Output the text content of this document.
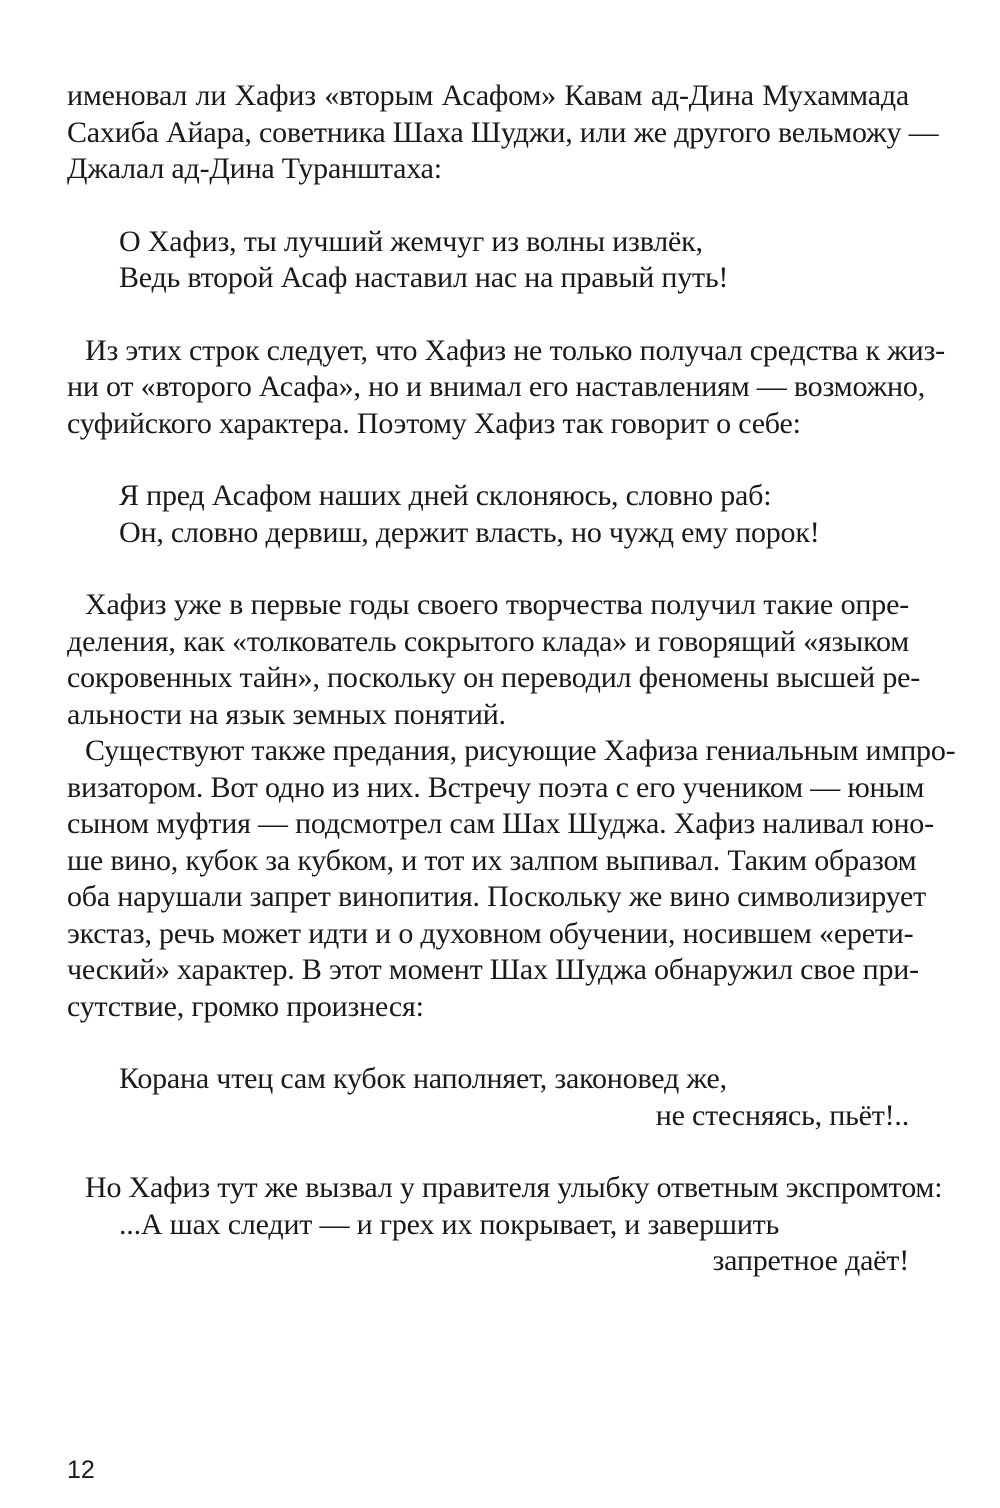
именовал ли Хафиз «вторым Асафом» Кавам ад-Дина Мухаммада
Сахиба Айара, советника Шаха Шуджи, или же другого вельможу —
Джалал ад-Дина Туранштаха:
О Хафиз, ты лучший жемчуг из волны извлёк,
Ведь второй Асаф наставил нас на правый путь!
Из этих строк следует, что Хафиз не только получал средства к жиз-
ни от «второго Асафа», но и внимал его наставлениям — возможно,
суфийского характера. Поэтому Хафиз так говорит о себе:
Я пред Асафом наших дней склоняюсь, словно раб:
Он, словно дервиш, держит власть, но чужд ему порок!
Хафиз уже в первые годы своего творчества получил такие опре-
деления, как «толкователь сокрытого клада» и говорящий «языком
сокровенных тайн», поскольку он переводил феномены высшей ре-
альности на язык земных понятий.
Существуют также предания, рисующие Хафиза гениальным импро-
визатором. Вот одно из них. Встречу поэта с его учеником — юным
сыном муфтия — подсмотрел сам Шах Шуджа. Хафиз наливал юно-
ше вино, кубок за кубком, и тот их залпом выпивал. Таким образом
оба нарушали запрет винопития. Поскольку же вино символизирует
экстаз, речь может идти и о духовном обучении, носившем «ерети-
ческий» характер. В этот момент Шах Шуджа обнаружил свое при-
сутствие, громко произнеся:
Корана чтец сам кубок наполняет, законовед же,
не стесняясь, пьёт!..
Но Хафиз тут же вызвал у правителя улыбку ответным экспромтом:
...А шах следит — и грех их покрывает, и завершить
запретное даёт!
12
